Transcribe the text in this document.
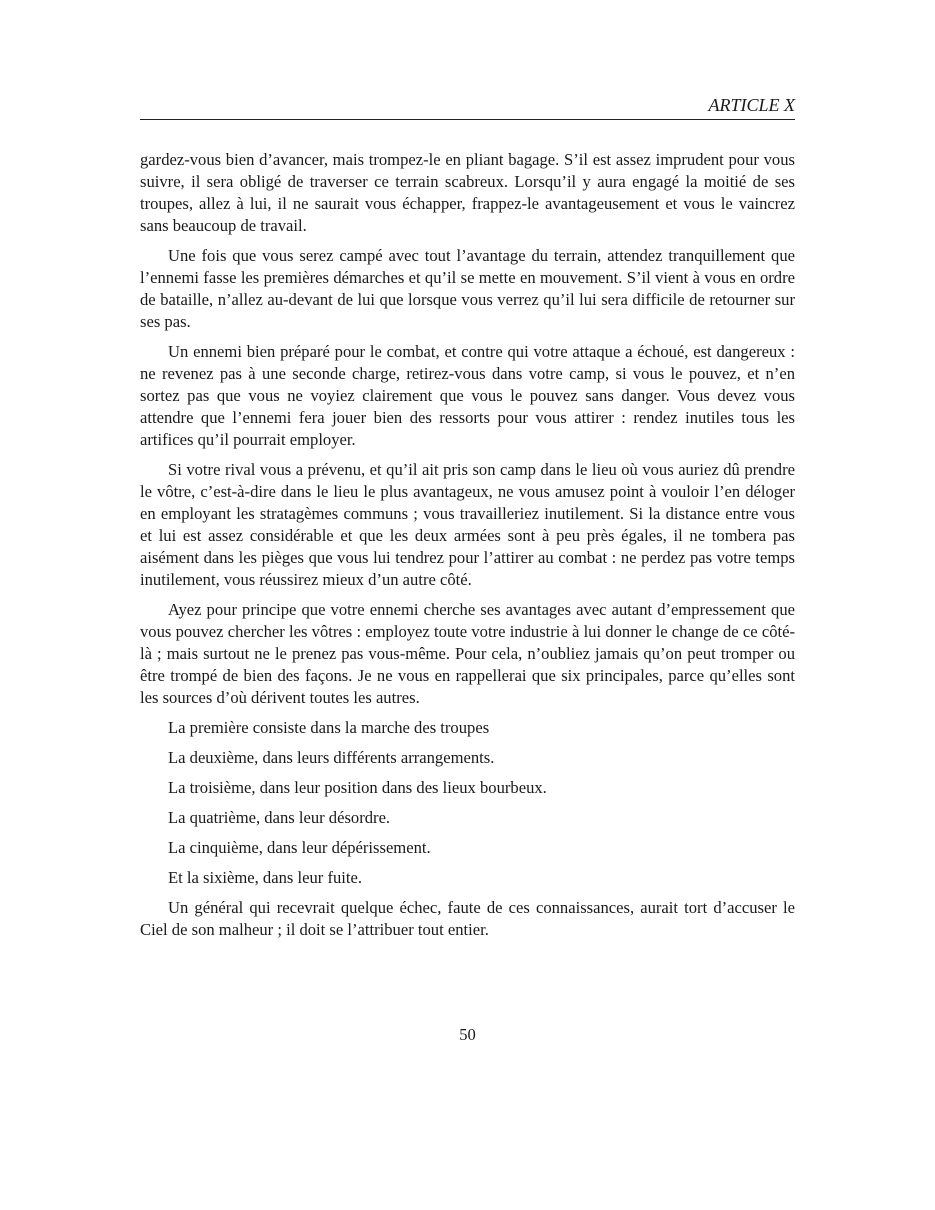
ARTICLE X

gardez-vous bien d’avancer, mais trompez-le en pliant bagage. S’il est assez imprudent pour vous suivre, il sera obligé de traverser ce terrain scabreux. Lorsqu’il y aura engagé la moitié de ses troupes, allez à lui, il ne saurait vous échapper, frappez-le avantageusement et vous le vaincrez sans beaucoup de travail.

Une fois que vous serez campé avec tout l’avantage du terrain, attendez tranquillement que l’ennemi fasse les premières démarches et qu’il se mette en mouvement. S’il vient à vous en ordre de bataille, n’allez au-devant de lui que lorsque vous verrez qu’il lui sera difficile de retourner sur ses pas.

Un ennemi bien préparé pour le combat, et contre qui votre attaque a échoué, est dangereux : ne revenez pas à une seconde charge, retirez-vous dans votre camp, si vous le pouvez, et n’en sortez pas que vous ne voyiez clairement que vous le pouvez sans danger. Vous devez vous attendre que l’ennemi fera jouer bien des ressorts pour vous attirer : rendez inutiles tous les artifices qu’il pourrait employer.

Si votre rival vous a prévenu, et qu’il ait pris son camp dans le lieu où vous auriez dû prendre le vôtre, c’est-à-dire dans le lieu le plus avantageux, ne vous amusez point à vouloir l’en déloger en employant les stratagèmes communs ; vous travailleriez inutilement. Si la distance entre vous et lui est assez considérable et que les deux armées sont à peu près égales, il ne tombera pas aisément dans les pièges que vous lui tendrez pour l’attirer au combat : ne perdez pas votre temps inutilement, vous réussirez mieux d’un autre côté.

Ayez pour principe que votre ennemi cherche ses avantages avec autant d’empressement que vous pouvez chercher les vôtres : employez toute votre industrie à lui donner le change de ce côté-là ; mais surtout ne le prenez pas vous-même. Pour cela, n’oubliez jamais qu’on peut tromper ou être trompé de bien des façons. Je ne vous en rappellerai que six principales, parce qu’elles sont les sources d’où dérivent toutes les autres.

La première consiste dans la marche des troupes

La deuxième, dans leurs différents arrangements.

La troisième, dans leur position dans des lieux bourbeux.

La quatrième, dans leur désordre.

La cinquième, dans leur dépérissement.

Et la sixième, dans leur fuite.

Un général qui recevrait quelque échec, faute de ces connaissances, aurait tort d’accuser le Ciel de son malheur ; il doit se l’attribuer tout entier.

50
